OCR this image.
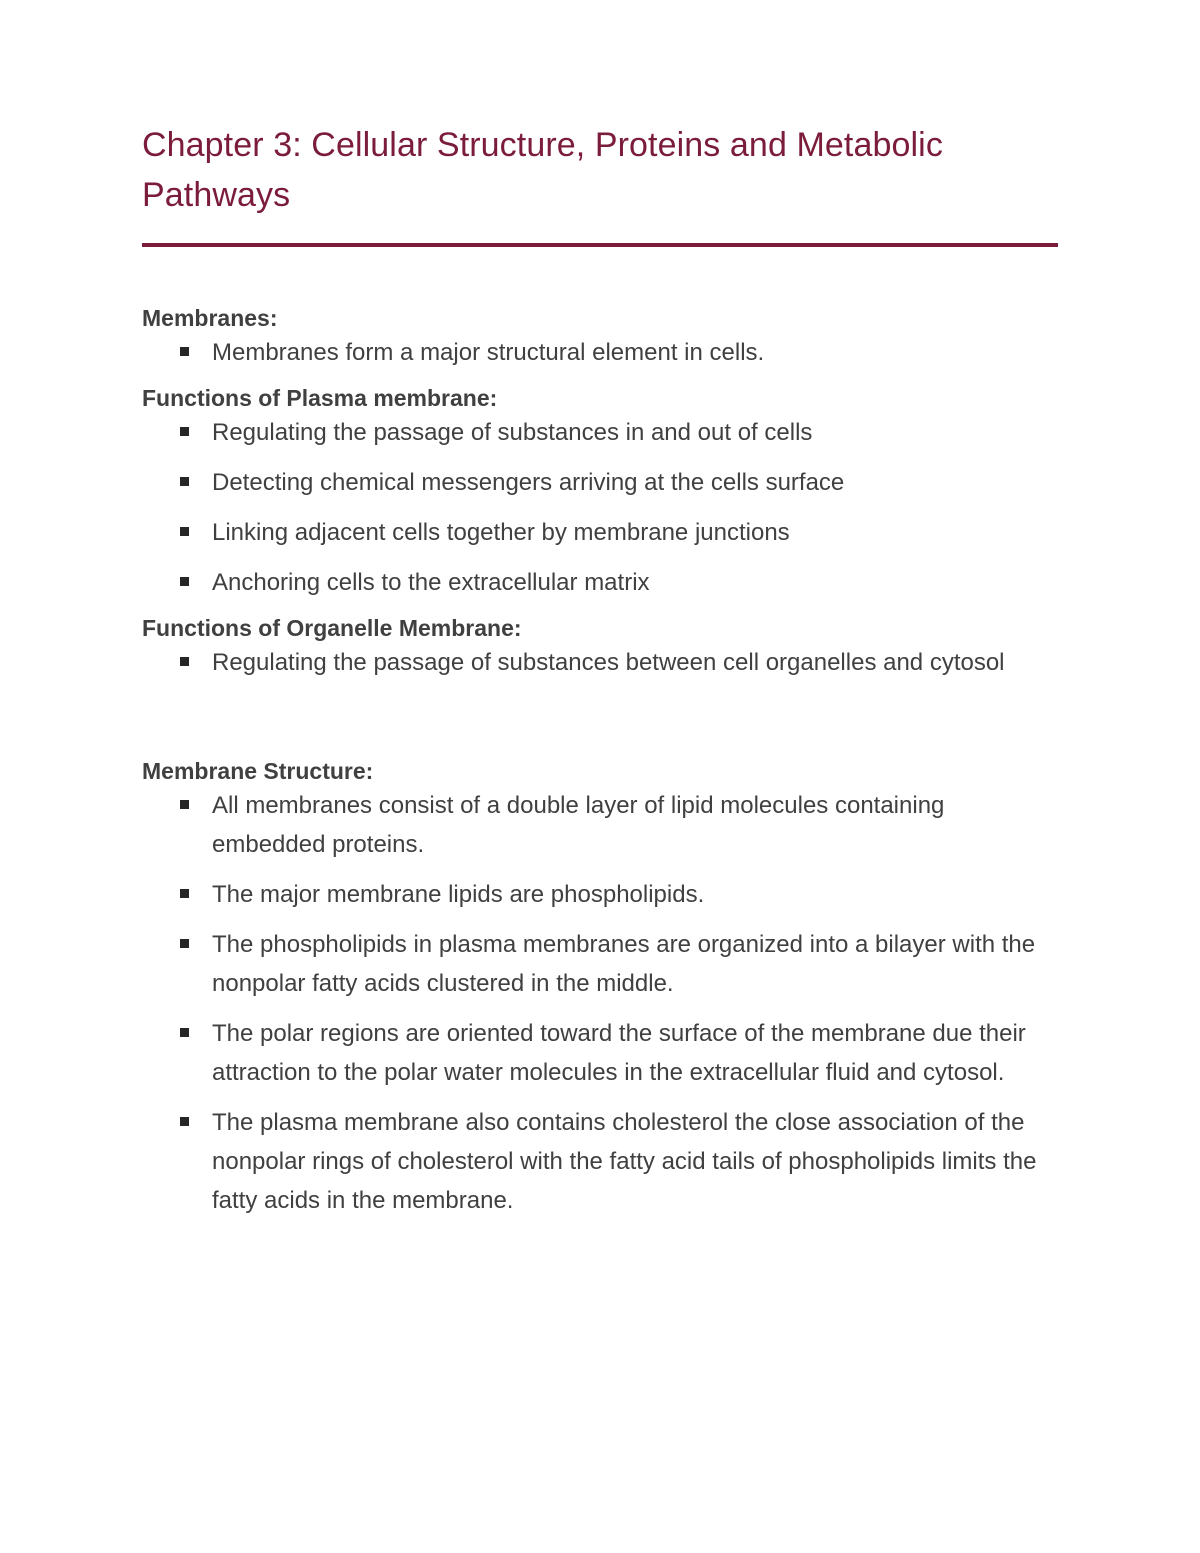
Chapter 3: Cellular Structure, Proteins and Metabolic Pathways
Membranes:
Membranes form a major structural element in cells.
Functions of Plasma membrane:
Regulating the passage of substances in and out of cells
Detecting chemical messengers arriving at the cells surface
Linking adjacent cells together by membrane junctions
Anchoring cells to the extracellular matrix
Functions of Organelle Membrane:
Regulating the passage of substances between cell organelles and cytosol
Membrane Structure:
All membranes consist of a double layer of lipid molecules containing embedded proteins.
The major membrane lipids are phospholipids.
The phospholipids in plasma membranes are organized into a bilayer with the nonpolar fatty acids clustered in the middle.
The polar regions are oriented toward the surface of the membrane due their attraction to the polar water molecules in the extracellular fluid and cytosol.
The plasma membrane also contains cholesterol the close association of the nonpolar rings of cholesterol with the fatty acid tails of phospholipids limits the fatty acids in the membrane.
